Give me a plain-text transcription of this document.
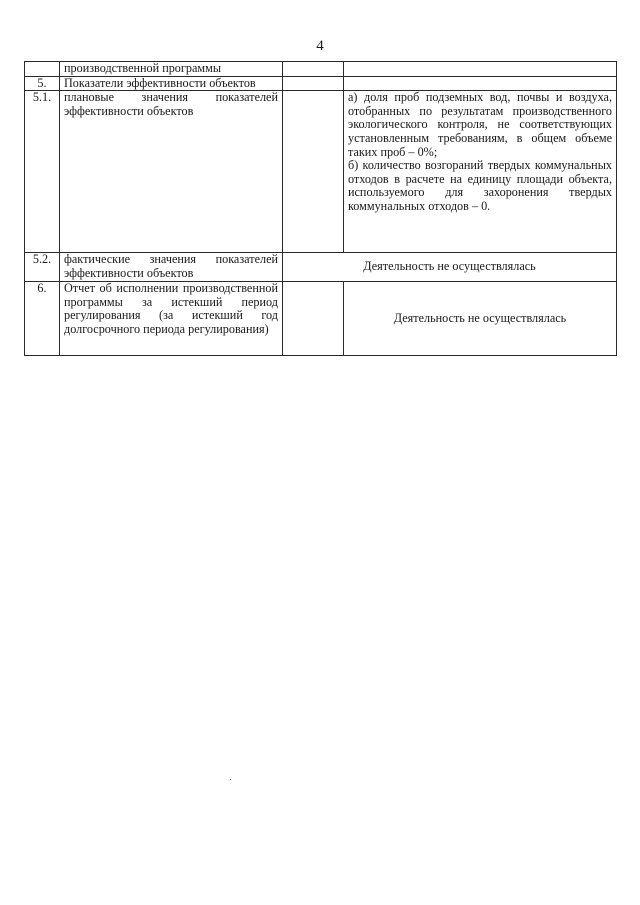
4
	производственной программы		
5.	Показатели эффективности объектов		
5.1.	плановые значения показателей эффективности объектов		а) доля проб подземных вод, почвы и воздуха, отобранных по результатам производственного экологического контроля, не соответствующих установленным требованиям, в общем объеме таких проб – 0%;
б) количество возгораний твердых коммунальных отходов в расчете на единицу площади объекта, используемого для захоронения твердых коммунальных отходов – 0.

5.2.	фактические значения показателей эффективности объектов	Деятельность не осуществлялась	
6.	Отчет об исполнении производственной программы за истекший период регулирования (за истекший год долгосрочного периода регулирования)		Деятельность не осуществлялась
